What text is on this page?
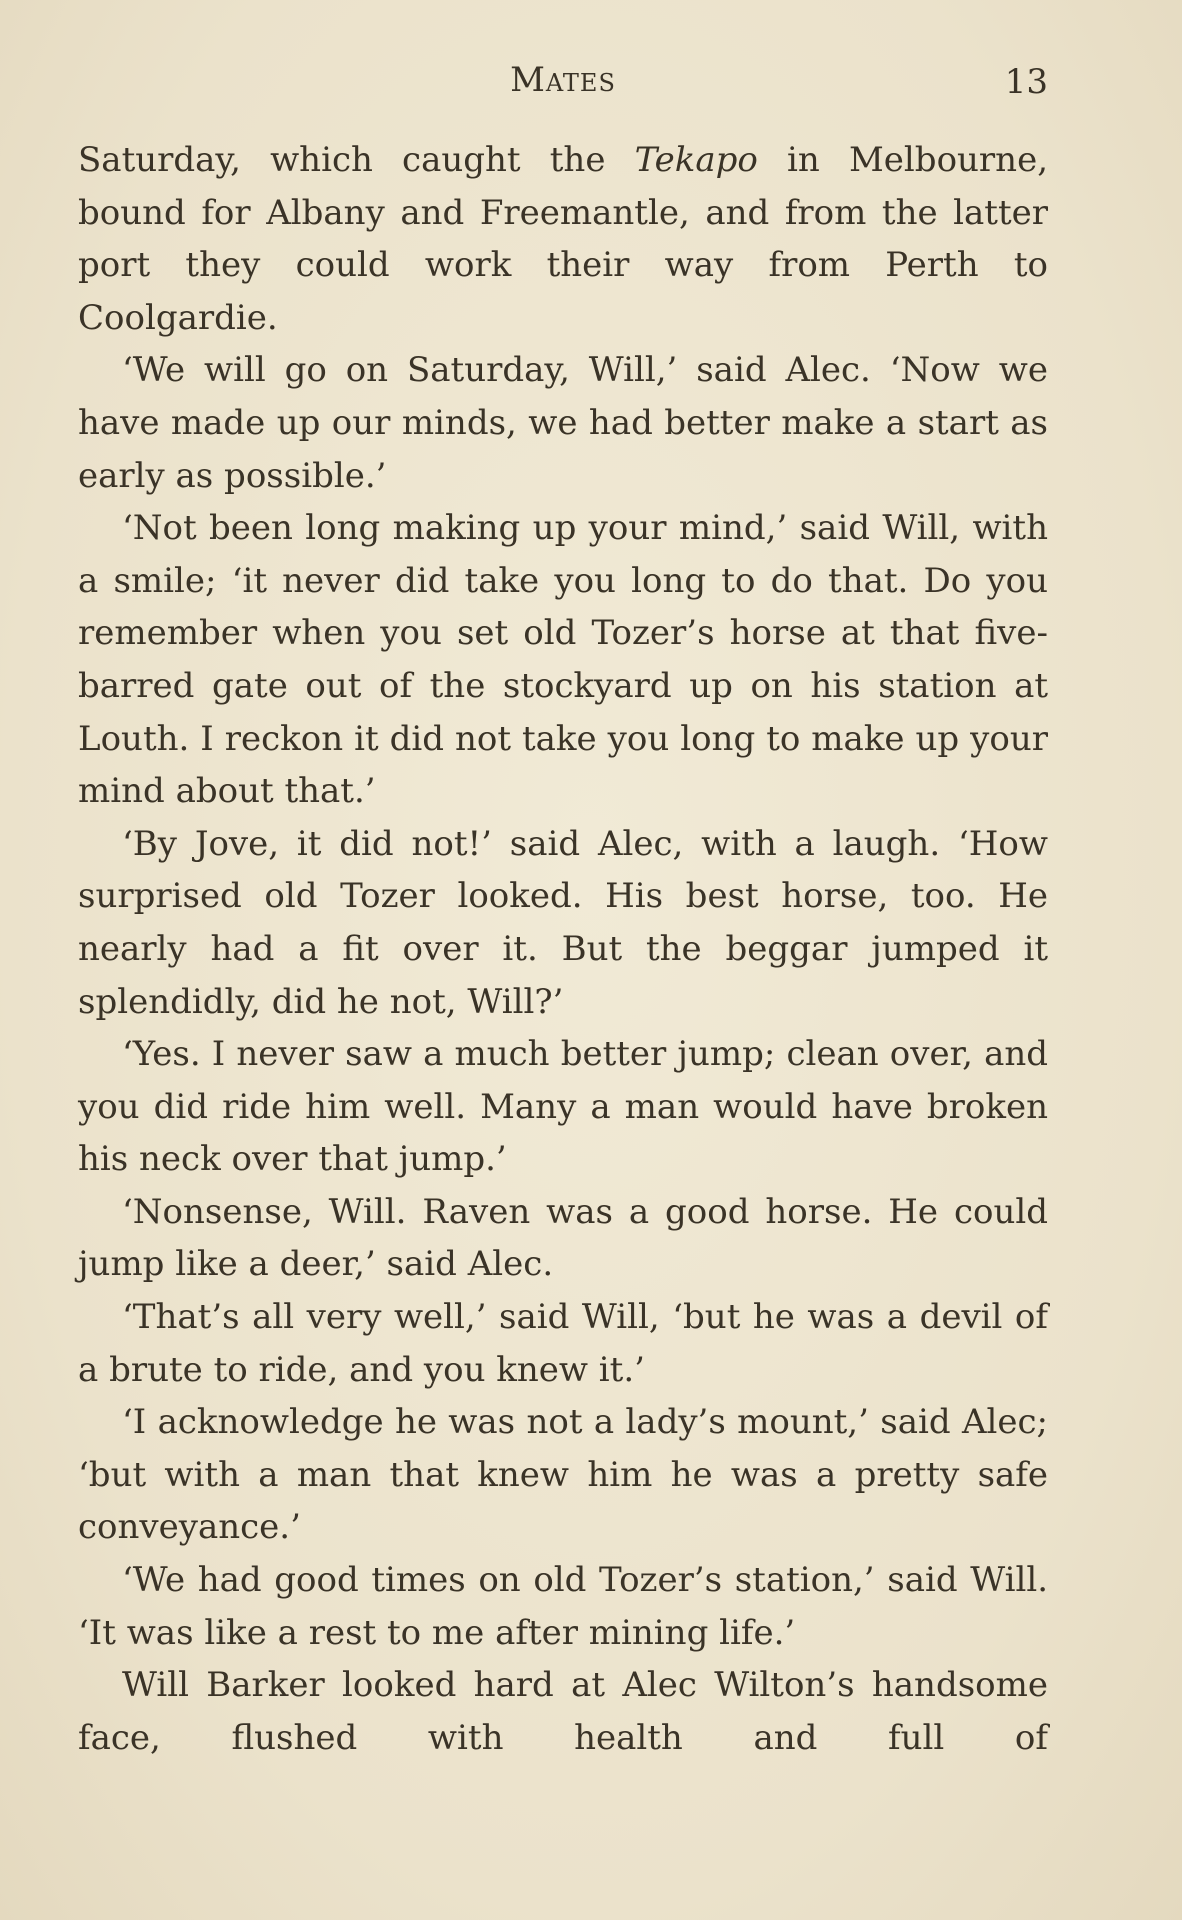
Mates	13

Saturday, which caught the Tekapo in Melbourne, bound for Albany and Freemantle, and from the latter port they could work their way from Perth to Coolgardie.

‘We will go on Saturday, Will,’ said Alec. ‘Now we have made up our minds, we had better make a start as early as possible.’

‘Not been long making up your mind,’ said Will, with a smile; ‘it never did take you long to do that. Do you remember when you set old Tozer’s horse at that five-barred gate out of the stockyard up on his station at Louth. I reckon it did not take you long to make up your mind about that.’

‘By Jove, it did not!’ said Alec, with a laugh. ‘How surprised old Tozer looked. His best horse, too. He nearly had a fit over it. But the beggar jumped it splendidly, did he not, Will?’

‘Yes. I never saw a much better jump; clean over, and you did ride him well. Many a man would have broken his neck over that jump.’

‘Nonsense, Will. Raven was a good horse. He could jump like a deer,’ said Alec.

‘That’s all very well,’ said Will, ‘but he was a devil of a brute to ride, and you knew it.’

‘I acknowledge he was not a lady’s mount,’ said Alec; ‘but with a man that knew him he was a pretty safe conveyance.’

‘We had good times on old Tozer’s station,’ said Will. ‘It was like a rest to me after mining life.’

Will Barker looked hard at Alec Wilton’s handsome face, flushed with health and full of
